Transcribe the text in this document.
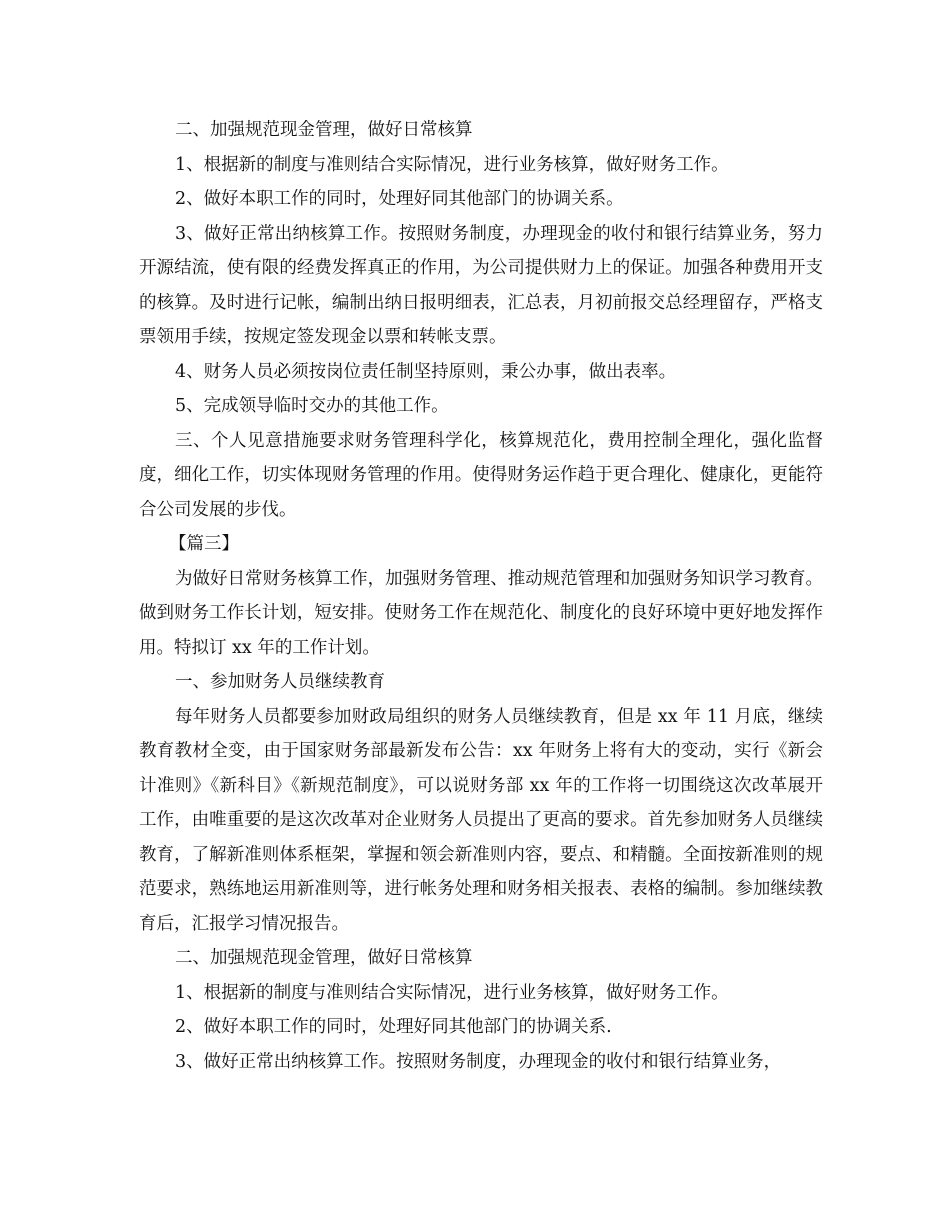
二、加强规范现金管理，做好日常核算

1、根据新的制度与准则结合实际情况，进行业务核算，做好财务工作。

2、做好本职工作的同时，处理好同其他部门的协调关系。

3、做好正常出纳核算工作。按照财务制度，办理现金的收付和银行结算业务，努力开源结流，使有限的经费发挥真正的作用，为公司提供财力上的保证。加强各种费用开支的核算。及时进行记帐，编制出纳日报明细表，汇总表，月初前报交总经理留存，严格支票领用手续，按规定签发现金以票和转帐支票。

4、财务人员必须按岗位责任制坚持原则，秉公办事，做出表率。

5、完成领导临时交办的其他工作。

三、个人见意措施要求财务管理科学化，核算规范化，费用控制全理化，强化监督度，细化工作，切实体现财务管理的作用。使得财务运作趋于更合理化、健康化，更能符合公司发展的步伐。

【篇三】

为做好日常财务核算工作，加强财务管理、推动规范管理和加强财务知识学习教育。做到财务工作长计划，短安排。使财务工作在规范化、制度化的良好环境中更好地发挥作用。特拟订 xx 年的工作计划。

一、参加财务人员继续教育

每年财务人员都要参加财政局组织的财务人员继续教育，但是 xx 年 11 月底，继续教育教材全变，由于国家财务部最新发布公告：xx 年财务上将有大的变动，实行《新会计准则》《新科目》《新规范制度》，可以说财务部 xx 年的工作将一切围绕这次改革展开工作，由唯重要的是这次改革对企业财务人员提出了更高的要求。首先参加财务人员继续教育，了解新准则体系框架，掌握和领会新准则内容，要点、和精髓。全面按新准则的规范要求，熟练地运用新准则等，进行帐务处理和财务相关报表、表格的编制。参加继续教育后，汇报学习情况报告。

二、加强规范现金管理，做好日常核算

1、根据新的制度与准则结合实际情况，进行业务核算，做好财务工作。

2、做好本职工作的同时，处理好同其他部门的协调关系.

3、做好正常出纳核算工作。按照财务制度，办理现金的收付和银行结算业务，
